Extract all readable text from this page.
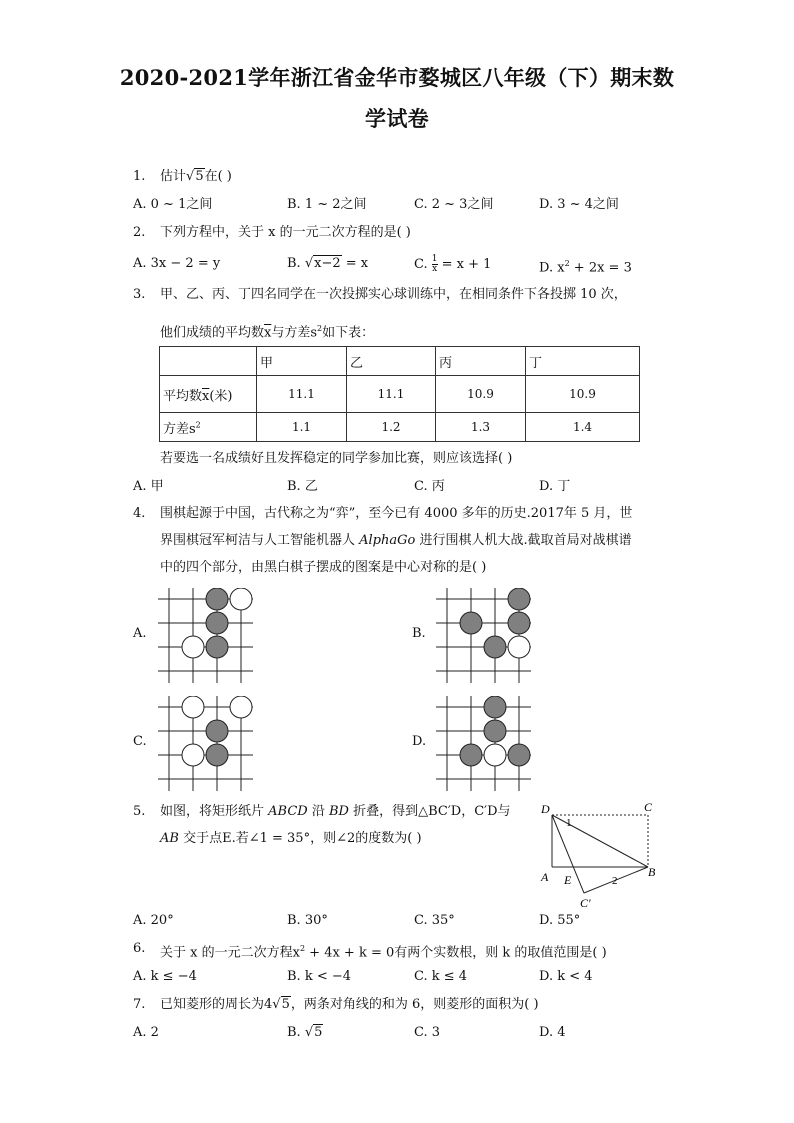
2020-2021学年浙江省金华市婺城区八年级（下）期末数
学试卷
1. 估计√5在( )
A. 0 ~ 1之间	B. 1 ~ 2之间	C. 2 ~ 3之间	D. 3 ~ 4之间
2. 下列方程中，关于 x 的一元二次方程的是( )
A. 3x − 2 = y	B. √x−2 = x	C. $\frac{1}{x} = x + 1$	D. $x^2 + 2x = 3$
3. 甲、乙、丙、丁四名同学在一次投掷实心球训练中，在相同条件下各投掷 10 次，
他们成绩的平均数$\overline{x}$与方差$s^2$如下表：
	甲	乙	丙	丁
平均数$\overline{x}$(米)	11.1	11.1	10.9	10.9
方差$s^2$	1.1	1.2	1.3	1.4
若要选一名成绩好且发挥稳定的同学参加比赛，则应该选择( )
A. 甲	B. 乙	C. 丙	D. 丁
4. 围棋起源于中国，古代称之为“弈”，至今已有 4000 多年的历史.2017年 5 月，世
界围棋冠军柯洁与人工智能机器人 AlphaGo 进行围棋人机大战.截取首局对战棋谱
中的四个部分，由黑白棋子摆成的图案是中心对称的是( )
A.	B.
C.	D.
5. 如图，将矩形纸片 ABCD 沿 BD 折叠，得到△BC′D，C′D与
AB 交于点E.若∠1 = 35°，则∠2的度数为( )
D	C
A E
B
C′
1
2
A. 20°	B. 30°	C. 35°	D. 55°
6. 关于 x 的一元二次方程$x^2 + 4x + k = 0$有两个实数根，则 k 的取值范围是( )
A. k ≤ −4	B. k < −4	C. k ≤ 4	D. k < 4
7. 已知菱形的周长为4√5，两条对角线的和为 6，则菱形的面积为( )
A. 2	B. √5	C. 3	D. 4
